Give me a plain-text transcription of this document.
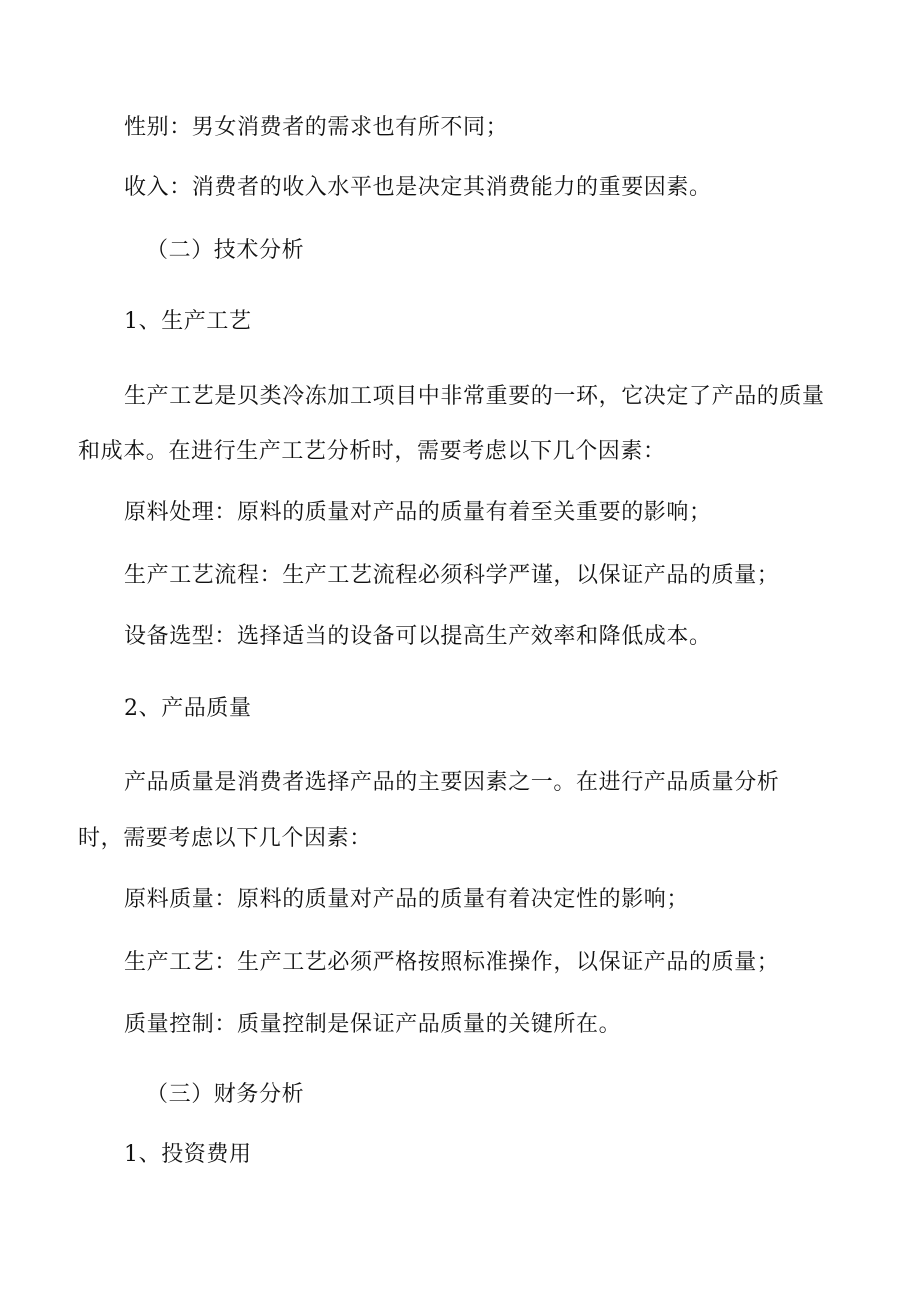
性别：男女消费者的需求也有所不同；
收入：消费者的收入水平也是决定其消费能力的重要因素。
（二）技术分析
1、生产工艺
生产工艺是贝类冷冻加工项目中非常重要的一环，它决定了产品的质量
和成本。在进行生产工艺分析时，需要考虑以下几个因素：
原料处理：原料的质量对产品的质量有着至关重要的影响；
生产工艺流程：生产工艺流程必须科学严谨，以保证产品的质量；
设备选型：选择适当的设备可以提高生产效率和降低成本。
2、产品质量
产品质量是消费者选择产品的主要因素之一。在进行产品质量分析
时，需要考虑以下几个因素：
原料质量：原料的质量对产品的质量有着决定性的影响；
生产工艺：生产工艺必须严格按照标准操作，以保证产品的质量；
质量控制：质量控制是保证产品质量的关键所在。
（三）财务分析
1、投资费用
